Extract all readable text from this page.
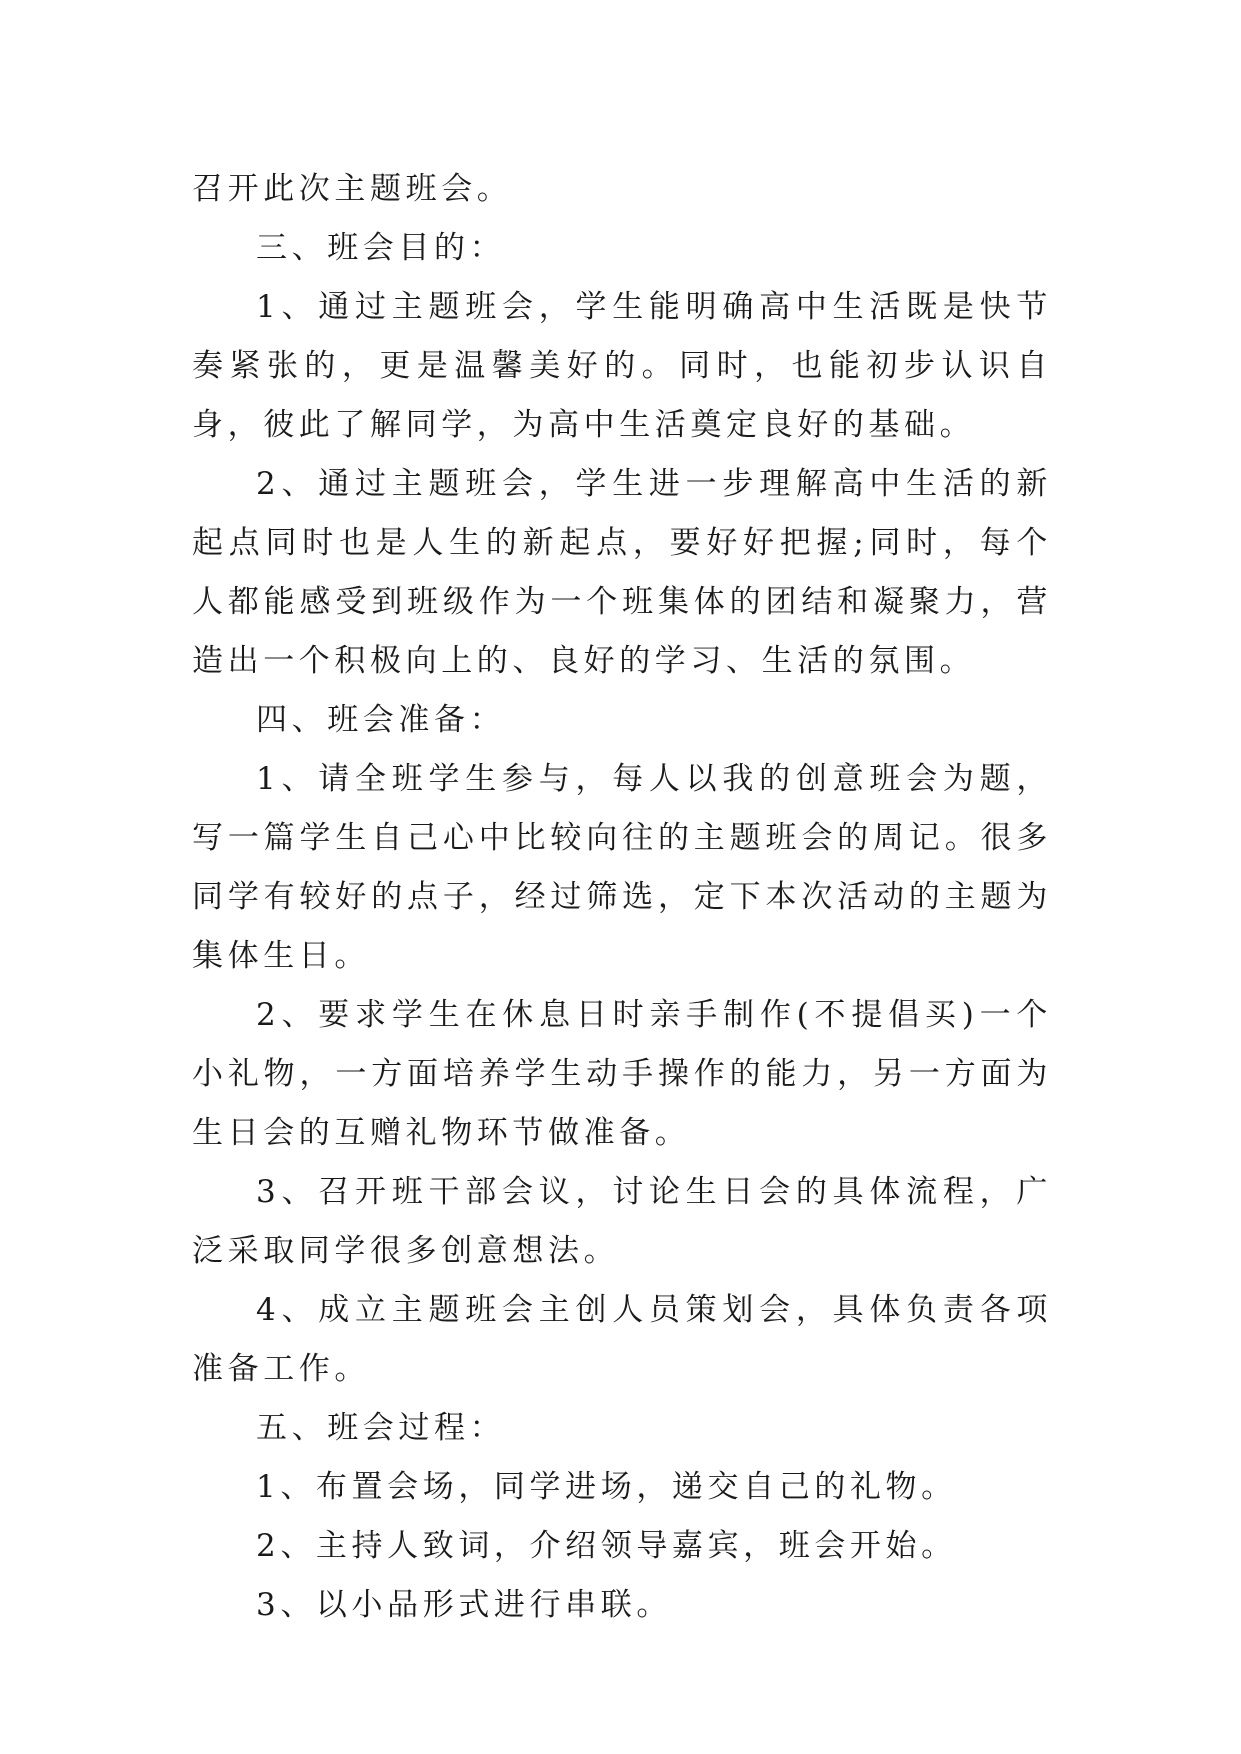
召开此次主题班会。

三、班会目的：

1、通过主题班会，学生能明确高中生活既是快节奏紧张的，更是温馨美好的。同时，也能初步认识自身，彼此了解同学，为高中生活奠定良好的基础。

2、通过主题班会，学生进一步理解高中生活的新起点同时也是人生的新起点，要好好把握;同时，每个人都能感受到班级作为一个班集体的团结和凝聚力，营造出一个积极向上的、良好的学习、生活的氛围。

四、班会准备：

1、请全班学生参与，每人以我的创意班会为题，写一篇学生自己心中比较向往的主题班会的周记。很多同学有较好的点子，经过筛选，定下本次活动的主题为集体生日。

2、要求学生在休息日时亲手制作(不提倡买)一个小礼物，一方面培养学生动手操作的能力，另一方面为生日会的互赠礼物环节做准备。

3、召开班干部会议，讨论生日会的具体流程，广泛采取同学很多创意想法。

4、成立主题班会主创人员策划会，具体负责各项准备工作。

五、班会过程：

1、布置会场，同学进场，递交自己的礼物。

2、主持人致词，介绍领导嘉宾，班会开始。

3、以小品形式进行串联。
